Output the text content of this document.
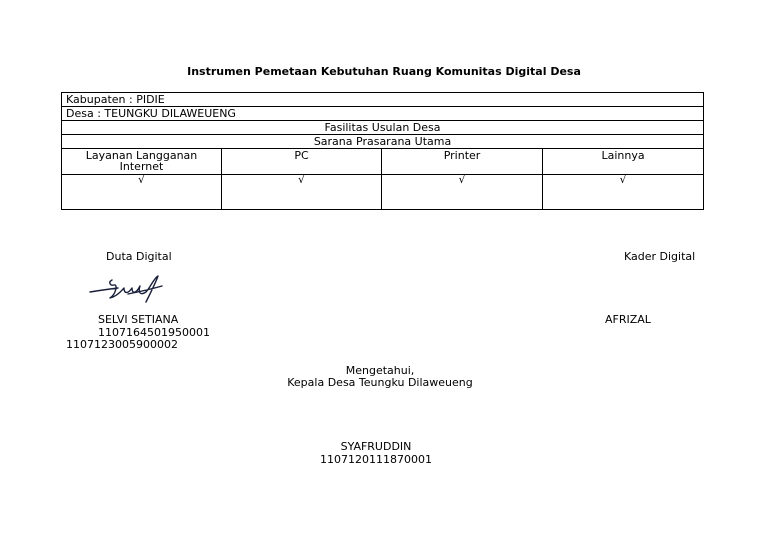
Instrumen Pemetaan Kebutuhan Ruang Komunitas Digital Desa
Kabupaten : PIDIE			
Desa : TEUNGKU DILAWEUENG			
Fasilitas Usulan Desa			
Sarana Prasarana Utama			
Layanan Langganan Internet	PC	Printer	Lainnya
√	√	√	√
Duta Digital	Kader Digital
SELVI SETIANA	AFRIZAL
1107164501950001
1107123005900002
Mengetahui,
Kepala Desa Teungku Dilaweueng
SYAFRUDDIN
1107120111870001
